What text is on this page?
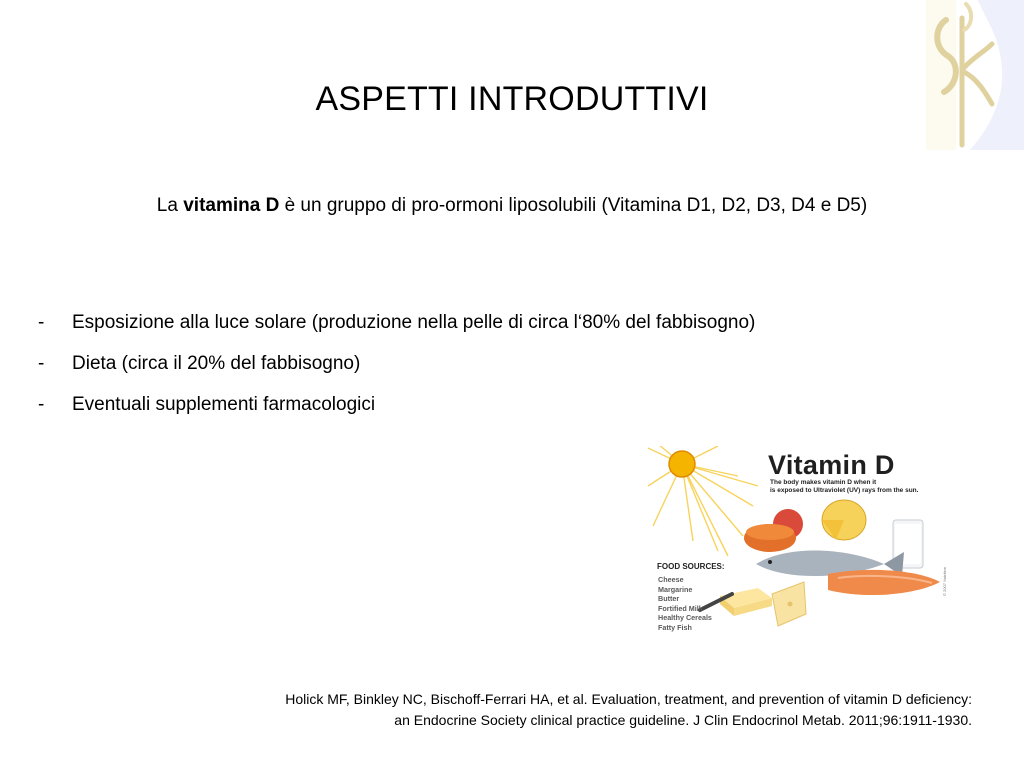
ASPETTI INTRODUTTIVI
La vitamina D è un gruppo di pro-ormoni liposolubili (Vitamina D1, D2, D3, D4 e D5)
-	Esposizione alla luce solare (produzione nella pelle di circa l‘80% del fabbisogno)
-	Dieta (circa il 20% del fabbisogno)
-	Eventuali supplementi farmacologici
Vitamin D
The body makes vitamin D when it
is exposed to Ultraviolet (UV) rays from the sun.
FOOD SOURCES:
Cheese
Margarine
Butter
Fortified Milk
Healthy Cereals
Fatty Fish
© 2007 Nutrition
Holick MF, Binkley NC, Bischoff-Ferrari HA, et al. Evaluation, treatment, and prevention of vitamin D deficiency:
an Endocrine Society clinical practice guideline. J Clin Endocrinol Metab. 2011;96:1911-1930.
